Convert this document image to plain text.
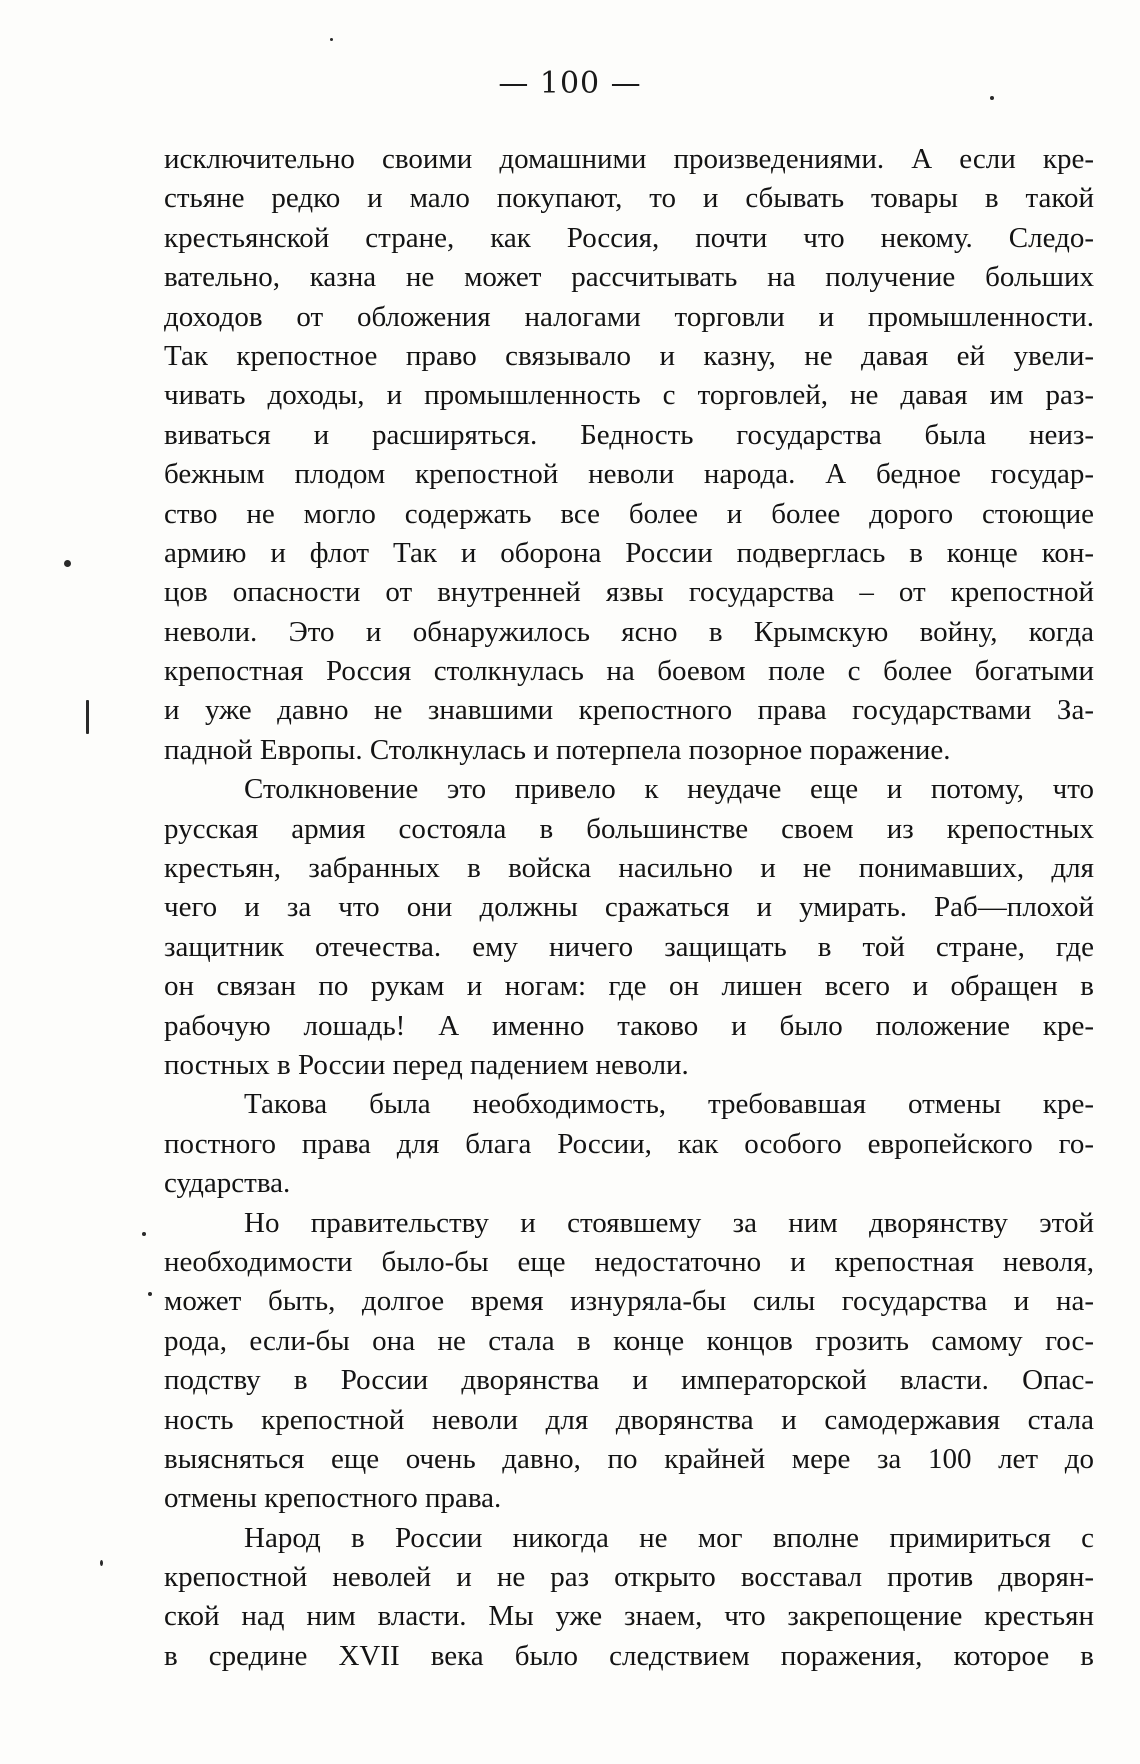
— 100 —
исключительно своими домашними произведениями. А если кре-
стьяне редко и мало покупают, то и сбывать товары в такой
крестьянской стране, как Россия, почти что некому. Следо-
вательно, казна не может рассчитывать на получение больших
доходов от обложения налогами торговли и промышленности.
Так крепостное право связывало и казну, не давая ей увели-
чивать доходы, и промышленность с торговлей, не давая им раз-
виваться и расширяться. Бедность государства была неиз-
бежным плодом крепостной неволи народа. А бедное государ-
ство не могло содержать все более и более дорого стоющие
армию и флот Так и оборона России подверглась в конце кон-
цов опасности от внутренней язвы государства – от крепостной
неволи. Это и обнаружилось ясно в Крымскую войну, когда
крепостная Россия столкнулась на боевом поле с более богатыми
и уже давно не знавшими крепостного права государствами За-
падной Европы. Столкнулась и потерпела позорное поражение.
Столкновение это привело к неудаче еще и потому, что
русская армия состояла в большинстве своем из крепостных
крестьян, забранных в войска насильно и не понимавших, для
чего и за что они должны сражаться и умирать. Раб—плохой
защитник отечества. ему ничего защищать в той стране, где
он связан по рукам и ногам: где он лишен всего и обращен в
рабочую лошадь! А именно таково и было положение кре-
постных в России перед падением неволи.
Такова была необходимость, требовавшая отмены кре-
постного права для блага России, как особого европейского го-
сударства.
Но правительству и стоявшему за ним дворянству этой
необходимости было-бы еще недостаточно и крепостная неволя,
может быть, долгое время изнуряла-бы силы государства и на-
рода, если-бы она не стала в конце концов грозить самому гос-
подству в России дворянства и императорской власти. Опас-
ность крепостной неволи для дворянства и самодержавия стала
выясняться еще очень давно, по крайней мере за 100 лет до
отмены крепостного права.
Народ в России никогда не мог вполне примириться с
крепостной неволей и не раз открыто восставал против дворян-
ской над ним власти. Мы уже знаем, что закрепощение крестьян
в средине XVII века было следствием поражения, которое в
